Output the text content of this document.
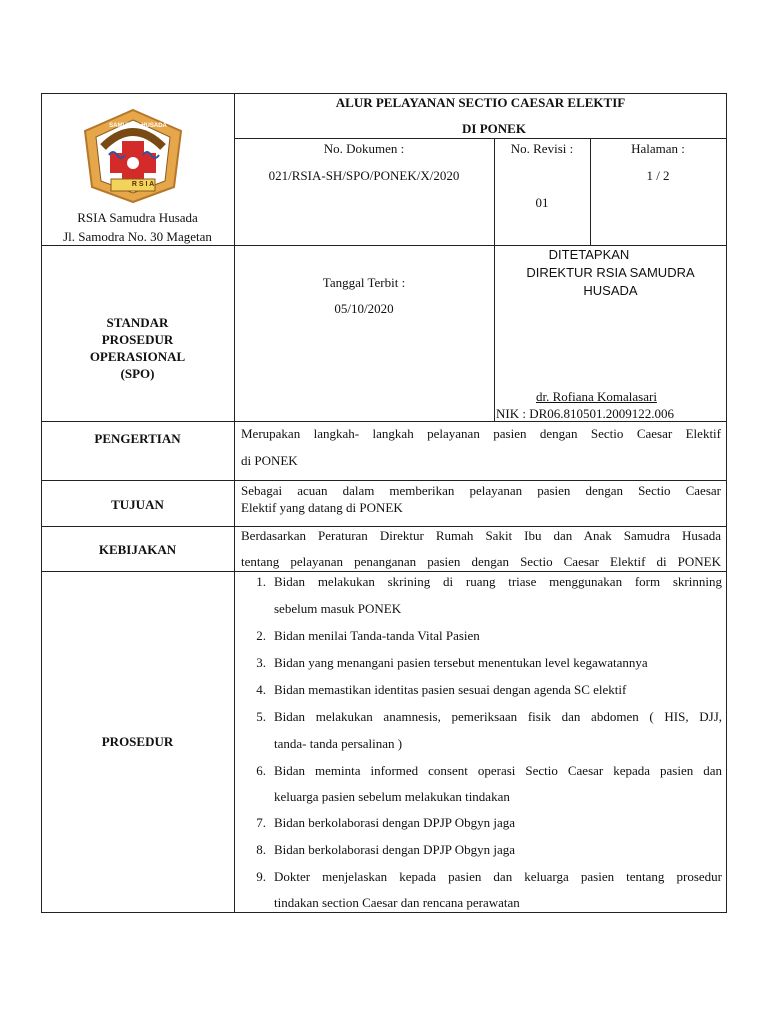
SAMUDRA HUSADA
R S I A
RSIA Samudra Husada
Jl. Samodra No. 30 Magetan
ALUR PELAYANAN SECTIO CAESAR ELEKTIF
DI PONEK
No. Dokumen :
021/RSIA-SH/SPO/PONEK/X/2020
No. Revisi :
01
Halaman :
1 / 2
STANDAR
PROSEDUR
OPERASIONAL
(SPO)
Tanggal Terbit :
05/10/2020
DITETAPKAN
DIREKTUR RSIA SAMUDRA
HUSADA
dr. Rofiana Komalasari
NIK : DR06.810501.2009122.006
PENGERTIAN	Merupakan langkah- langkah pelayanan pasien dengan Sectio Caesar Elektif
di PONEK
TUJUAN
Sebagai acuan dalam memberikan pelayanan pasien dengan Sectio Caesar
Elektif yang datang di PONEK
KEBIJAKAN
Berdasarkan Peraturan Direktur Rumah Sakit Ibu dan Anak Samudra Husada
tentang pelayanan penanganan pasien dengan Sectio Caesar Elektif di PONEK
PROSEDUR
1. Bidan melakukan skrining di ruang triase menggunakan form skrinning
sebelum masuk PONEK
2. Bidan menilai Tanda-tanda Vital Pasien
3. Bidan yang menangani pasien tersebut menentukan level kegawatannya
4. Bidan memastikan identitas pasien sesuai dengan agenda SC elektif
5. Bidan melakukan anamnesis, pemeriksaan fisik dan abdomen ( HIS, DJJ,
tanda- tanda persalinan )
6. Bidan meminta informed consent operasi Sectio Caesar kepada pasien dan
keluarga pasien sebelum melakukan tindakan
7. Bidan berkolaborasi dengan DPJP Obgyn jaga
8. Bidan berkolaborasi dengan DPJP Obgyn jaga
9. Dokter menjelaskan kepada pasien dan keluarga pasien tentang prosedur
tindakan section Caesar dan rencana perawatan
